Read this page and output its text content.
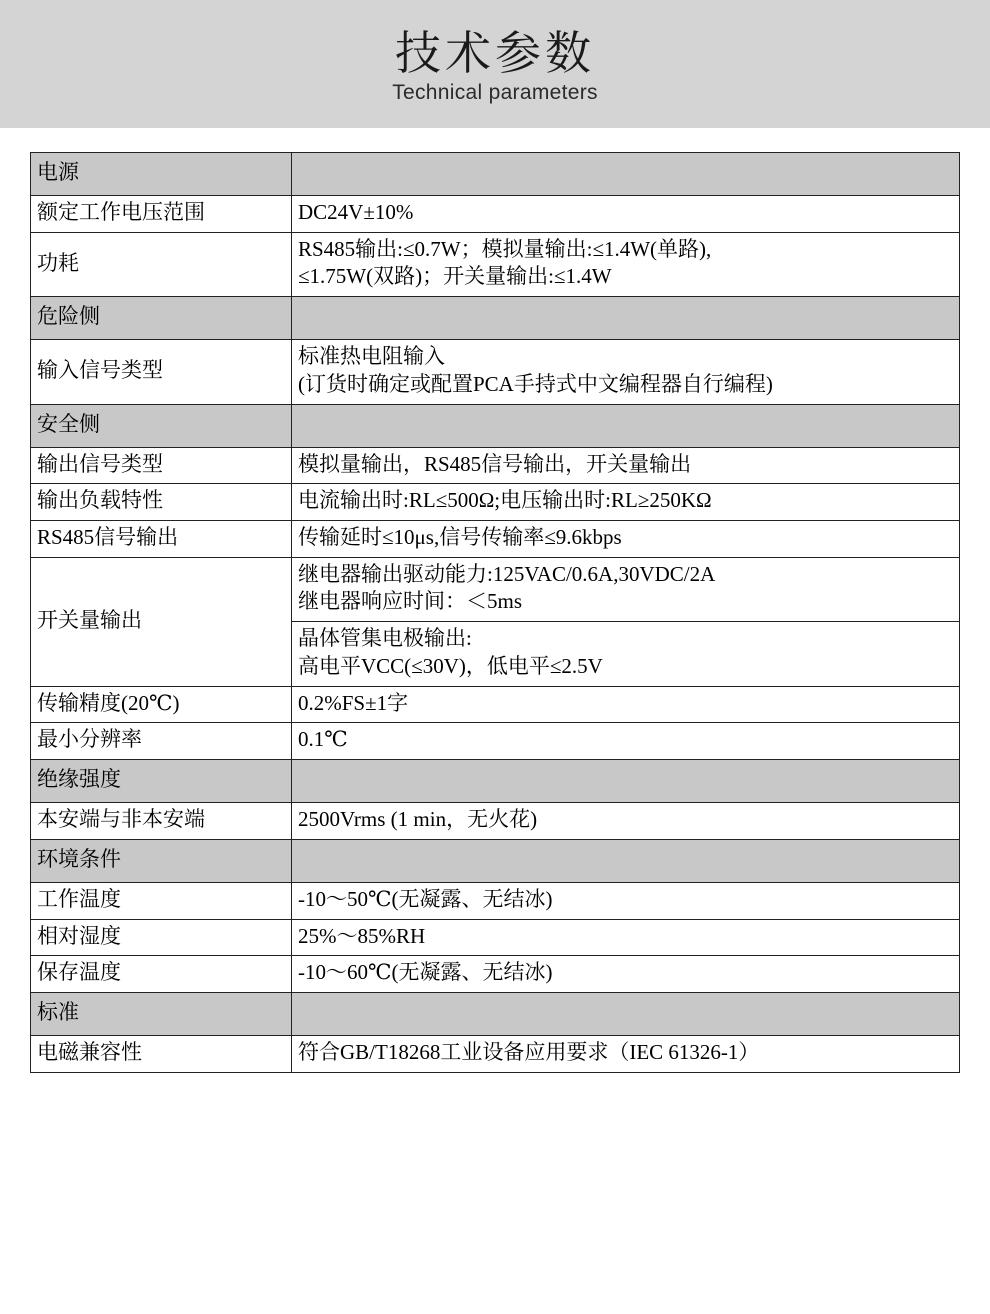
技术参数
Technical parameters
电源	
额定工作电压范围	DC24V±10%
功耗	RS485输出:≤0.7W；模拟量输出:≤1.4W(单路),
≤1.75W(双路)；开关量输出:≤1.4W

危险侧	
输入信号类型	标准热电阻输入
(订货时确定或配置PCA手持式中文编程器自行编程)

安全侧	
输出信号类型	模拟量输出，RS485信号输出，开关量输出
输出负载特性	电流输出时:RL≤500Ω;电压输出时:RL≥250KΩ
RS485信号输出	传输延时≤10μs,信号传输率≤9.6kbps
开关量输出	继电器输出驱动能力:125VAC/0.6A,30VDC/2A
继电器响应时间：＜5ms

	晶体管集电极输出:
高电平VCC(≤30V)，低电平≤2.5V

传输精度(20℃)	0.2%FS±1字
最小分辨率	0.1℃
绝缘强度	
本安端与非本安端	2500Vrms (1 min，无火花)
环境条件	
工作温度	-10～50℃(无凝露、无结冰)
相对湿度	25%～85%RH
保存温度	-10～60℃(无凝露、无结冰)
标准	
电磁兼容性	符合GB/T18268工业设备应用要求（IEC 61326-1）
